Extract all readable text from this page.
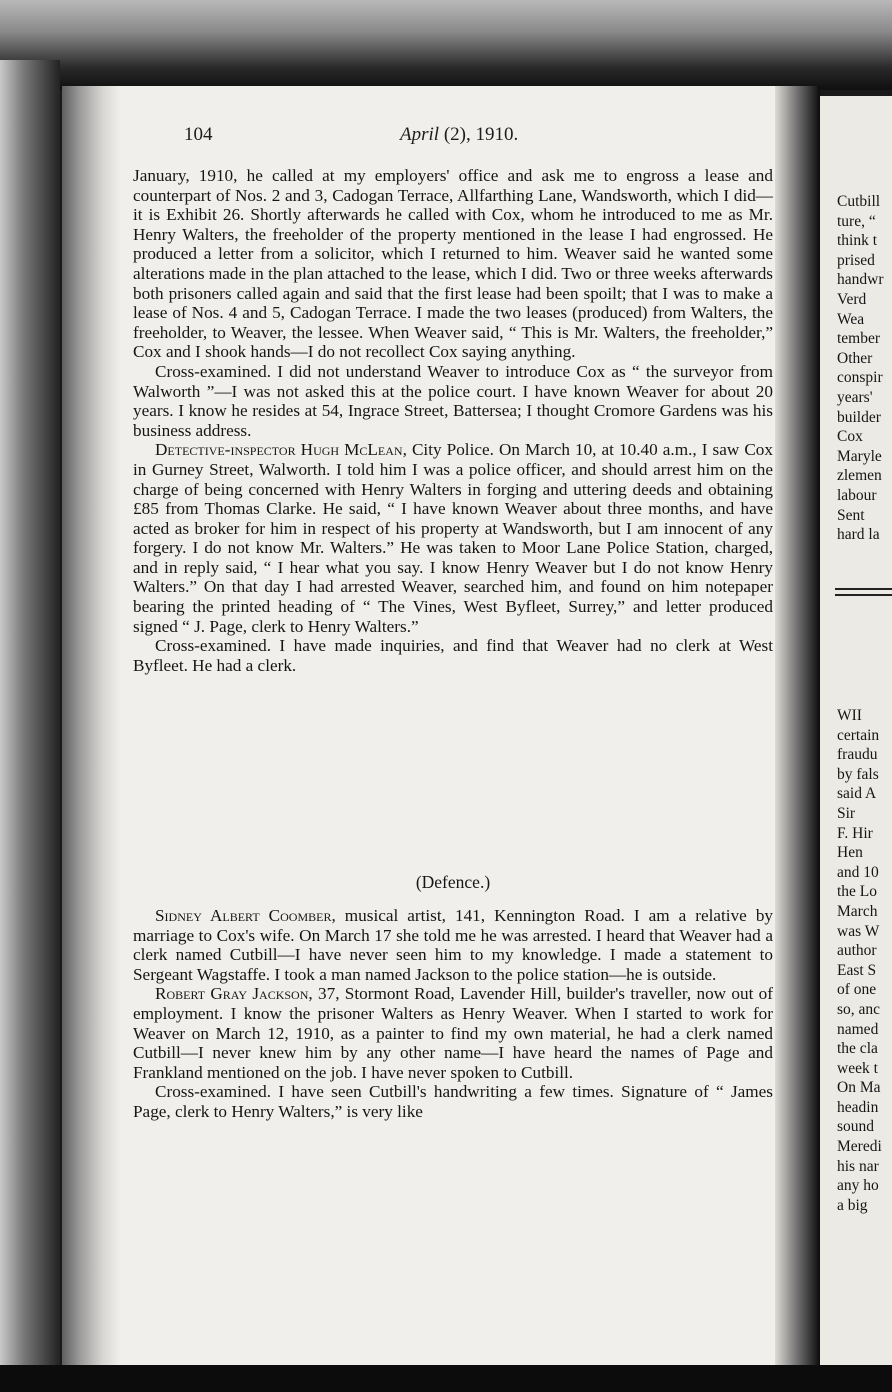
Cutbill
ture, “
think t
prised
handwr
Verd
Wea
tember
Other
conspir
years'
builder
Cox
Maryle
zlemen
labour
Sent
hard la
WII
certain
fraudu
by fals
said A
Sir
F. Hir
Hen
and 10
the Lo
March
was W
author
East S
of one
so, anc
named
the cla
week t
On Ma
headin
sound
Meredi
his nar
any ho
a big
104	April (2), 1910.

January, 1910, he called at my employers' office and ask me to engross a lease and counterpart of Nos. 2 and 3, Cadogan Terrace, Allfarthing Lane, Wandsworth, which I did—it is Exhibit 26. Shortly afterwards he called with Cox, whom he introduced to me as Mr. Henry Walters, the freeholder of the property mentioned in the lease I had engrossed. He produced a letter from a solicitor, which I returned to him. Weaver said he wanted some alterations made in the plan attached to the lease, which I did. Two or three weeks afterwards both prisoners called again and said that the first lease had been spoilt; that I was to make a lease of Nos. 4 and 5, Cadogan Terrace. I made the two leases (produced) from Walters, the freeholder, to Weaver, the lessee. When Weaver said, “ This is Mr. Walters, the freeholder,” Cox and I shook hands—I do not recollect Cox saying anything.

Cross-examined. I did not understand Weaver to introduce Cox as “ the surveyor from Walworth ”—I was not asked this at the police court. I have known Weaver for about 20 years. I know he resides at 54, Ingrace Street, Battersea; I thought Cromore Gardens was his business address.

Detective-inspector Hugh McLean, City Police. On March 10, at 10.40 a.m., I saw Cox in Gurney Street, Walworth. I told him I was a police officer, and should arrest him on the charge of being concerned with Henry Walters in forging and uttering deeds and obtaining £85 from Thomas Clarke. He said, “ I have known Weaver about three months, and have acted as broker for him in respect of his property at Wandsworth, but I am innocent of any forgery. I do not know Mr. Walters.” He was taken to Moor Lane Police Station, charged, and in reply said, “ I hear what you say. I know Henry Weaver but I do not know Henry Walters.” On that day I had arrested Weaver, searched him, and found on him notepaper bearing the printed heading of “ The Vines, West Byfleet, Surrey,” and letter produced signed “ J. Page, clerk to Henry Walters.”

Cross-examined. I have made inquiries, and find that Weaver had no clerk at West Byfleet. He had a clerk.

(Defence.)

Sidney Albert Coomber, musical artist, 141, Kennington Road. I am a relative by marriage to Cox's wife. On March 17 she told me he was arrested. I heard that Weaver had a clerk named Cutbill—I have never seen him to my knowledge. I made a statement to Sergeant Wagstaffe. I took a man named Jackson to the police station—he is outside.

Robert Gray Jackson, 37, Stormont Road, Lavender Hill, builder's traveller, now out of employment. I know the prisoner Walters as Henry Weaver. When I started to work for Weaver on March 12, 1910, as a painter to find my own material, he had a clerk named Cutbill—I never knew him by any other name—I have heard the names of Page and Frankland mentioned on the job. I have never spoken to Cutbill.

Cross-examined. I have seen Cutbill's handwriting a few times. Signature of “ James Page, clerk to Henry Walters,” is very like
